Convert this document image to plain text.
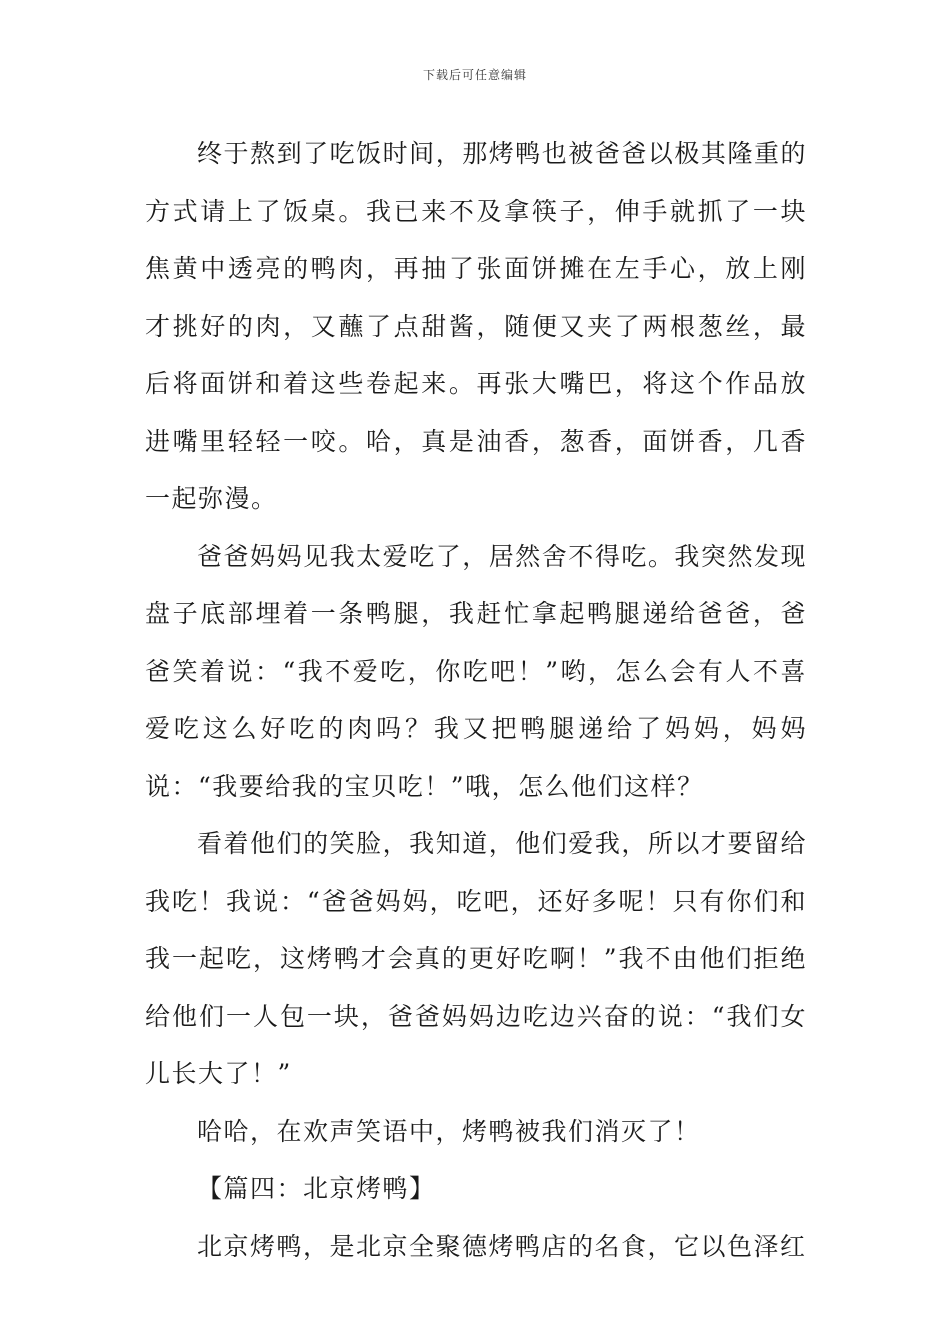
下载后可任意编辑

终于熬到了吃饭时间，那烤鸭也被爸爸以极其隆重的方式请上了饭桌。我已来不及拿筷子，伸手就抓了一块焦黄中透亮的鸭肉，再抽了张面饼摊在左手心，放上刚才挑好的肉，又蘸了点甜酱，随便又夹了两根葱丝，最后将面饼和着这些卷起来。再张大嘴巴，将这个作品放进嘴里轻轻一咬。哈，真是油香，葱香，面饼香，几香一起弥漫。

爸爸妈妈见我太爱吃了，居然舍不得吃。我突然发现盘子底部埋着一条鸭腿，我赶忙拿起鸭腿递给爸爸，爸爸笑着说：“我不爱吃，你吃吧！”哟，怎么会有人不喜爱吃这么好吃的肉吗？我又把鸭腿递给了妈妈，妈妈说：“我要给我的宝贝吃！”哦，怎么他们这样？

看着他们的笑脸，我知道，他们爱我，所以才要留给我吃！我说：“爸爸妈妈，吃吧，还好多呢！只有你们和我一起吃，这烤鸭才会真的更好吃啊！”我不由他们拒绝给他们一人包一块，爸爸妈妈边吃边兴奋的说：“我们女儿长大了！”

哈哈，在欢声笑语中，烤鸭被我们消灭了！

【篇四：北京烤鸭】

北京烤鸭，是北京全聚德烤鸭店的名食，它以色泽红
